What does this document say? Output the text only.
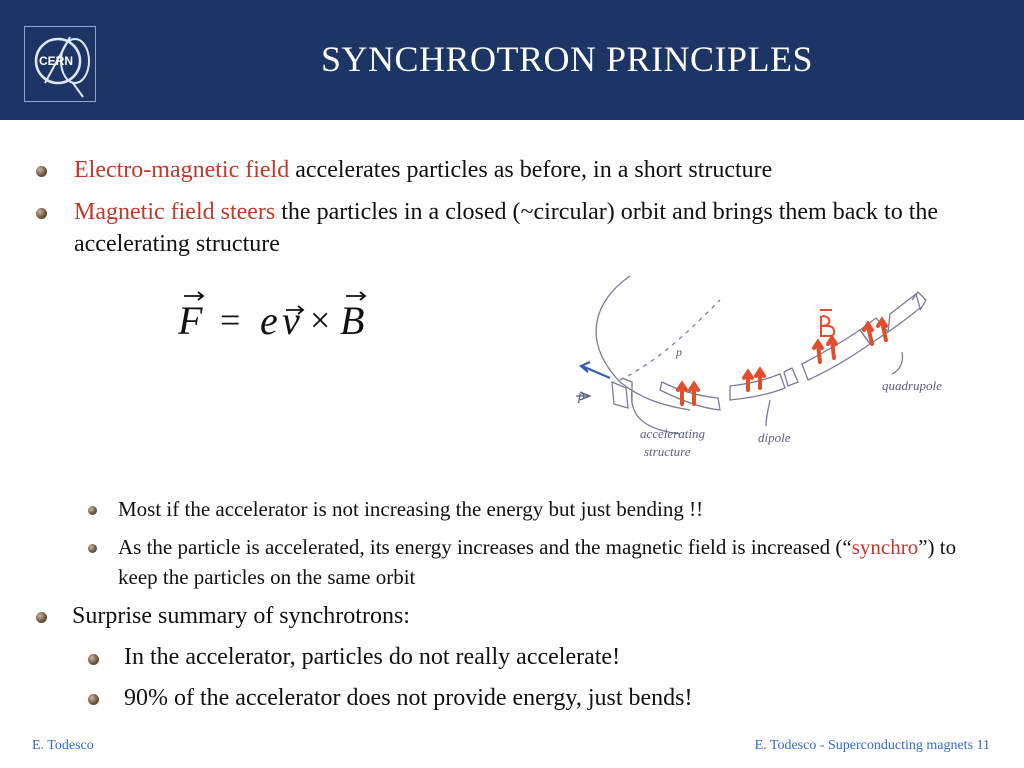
CERN	SYNCHROTRON PRINCIPLES
Electro-magnetic field accelerates particles as before, in a short structure
Magnetic field steers the particles in a closed (~circular) orbit and brings them back to the accelerating structure
F e v B
= ×
p
p
accelerating
structure
dipole
quadrupole
B
Most if the accelerator is not increasing the energy but just bending !!
As the particle is accelerated, its energy increases and the magnetic field is increased (“synchro”) to keep the particles on the same orbit
Surprise summary of synchrotrons:
In the accelerator, particles do not really accelerate!
90% of the accelerator does not provide energy, just bends!
E. Todesco	E. Todesco - Superconducting magnets 11
